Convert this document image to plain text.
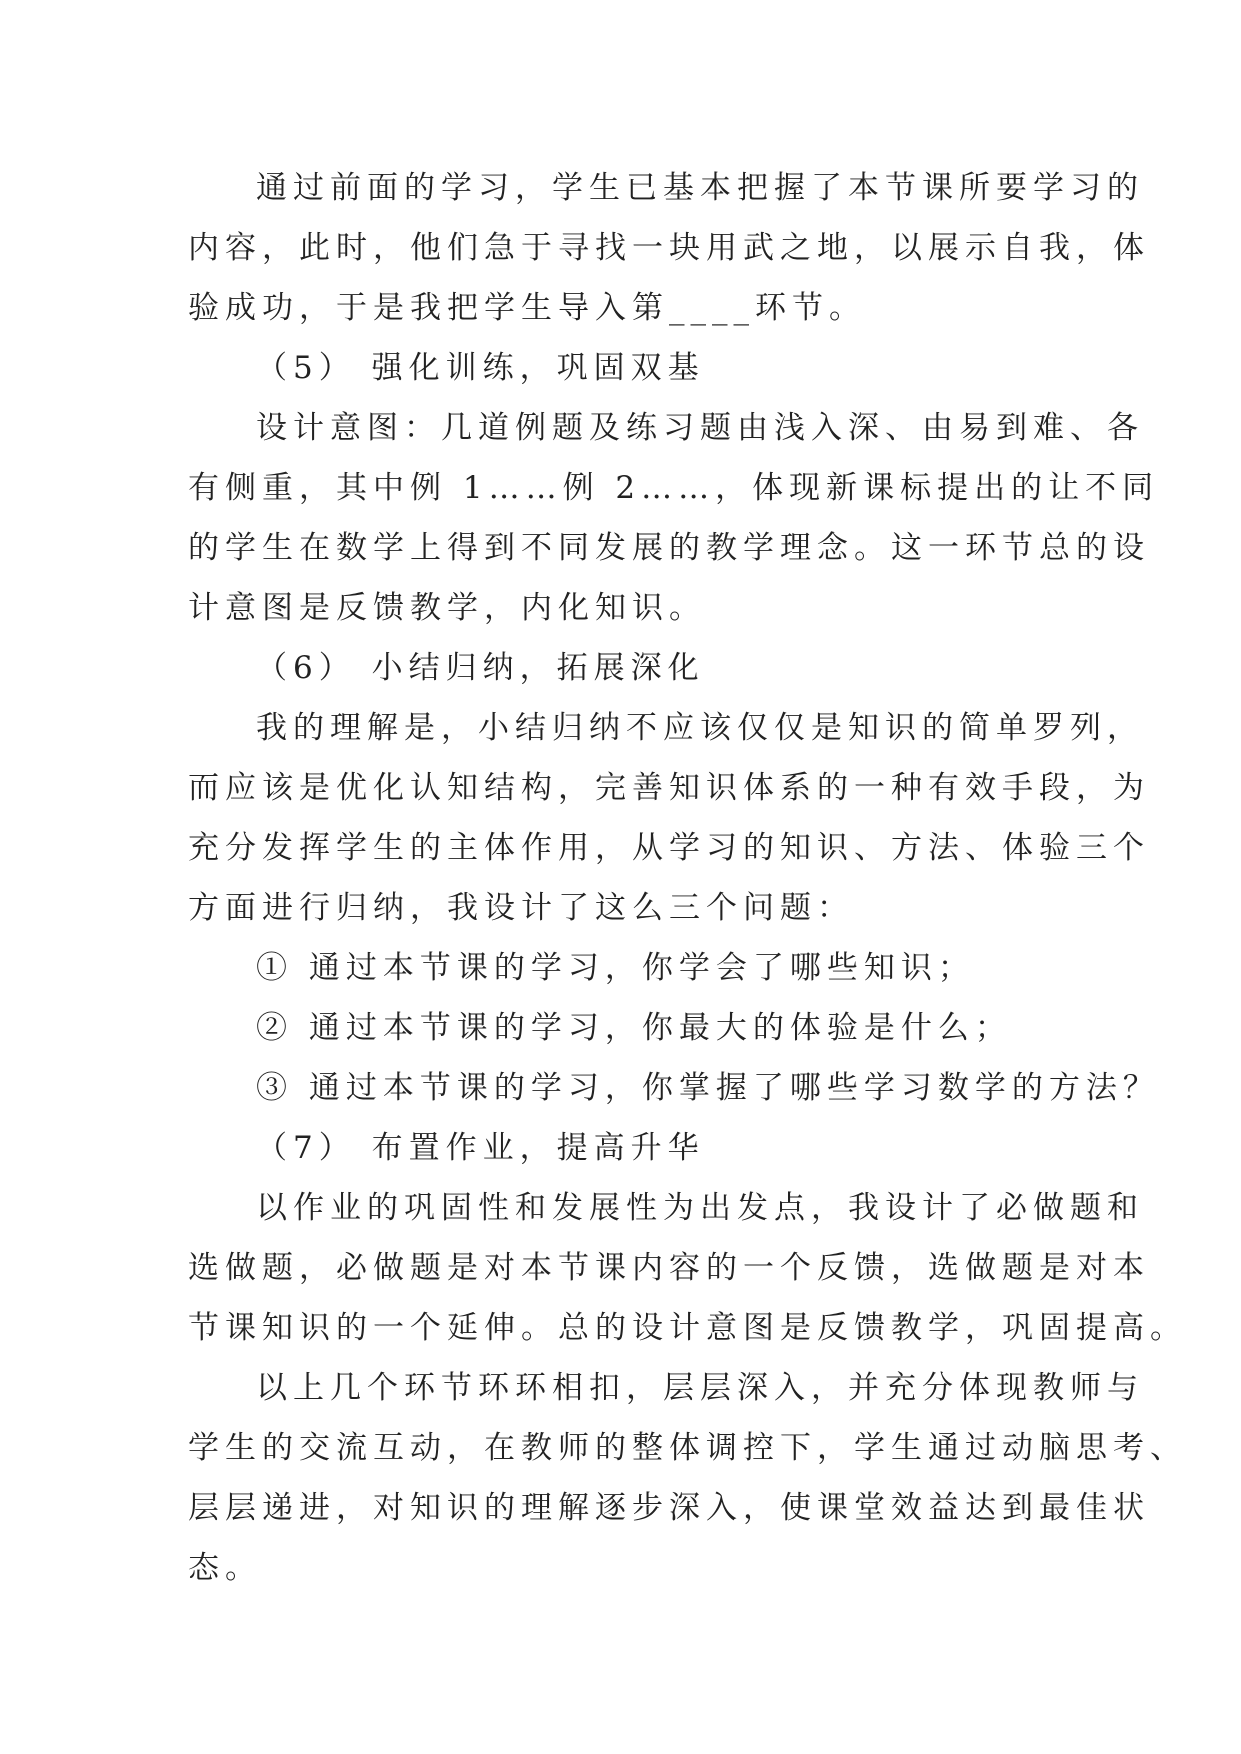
通过前面的学习，学生已基本把握了本节课所要学习的
内容，此时，他们急于寻找一块用武之地，以展示自我，体
验成功，于是我把学生导入第____环节。
（5） 强化训练，巩固双基
设计意图：几道例题及练习题由浅入深、由易到难、各
有侧重，其中例 1……例 2……，体现新课标提出的让不同
的学生在数学上得到不同发展的教学理念。这一环节总的设
计意图是反馈教学，内化知识。
（6） 小结归纳，拓展深化
我的理解是，小结归纳不应该仅仅是知识的简单罗列，
而应该是优化认知结构，完善知识体系的一种有效手段，为
充分发挥学生的主体作用，从学习的知识、方法、体验三个
方面进行归纳，我设计了这么三个问题：
① 通过本节课的学习，你学会了哪些知识；
② 通过本节课的学习，你最大的体验是什么；
③ 通过本节课的学习，你掌握了哪些学习数学的方法？
（7） 布置作业，提高升华
以作业的巩固性和发展性为出发点，我设计了必做题和
选做题，必做题是对本节课内容的一个反馈，选做题是对本
节课知识的一个延伸。总的设计意图是反馈教学，巩固提高。
以上几个环节环环相扣，层层深入，并充分体现教师与
学生的交流互动，在教师的整体调控下，学生通过动脑思考、
层层递进，对知识的理解逐步深入，使课堂效益达到最佳状
态。
